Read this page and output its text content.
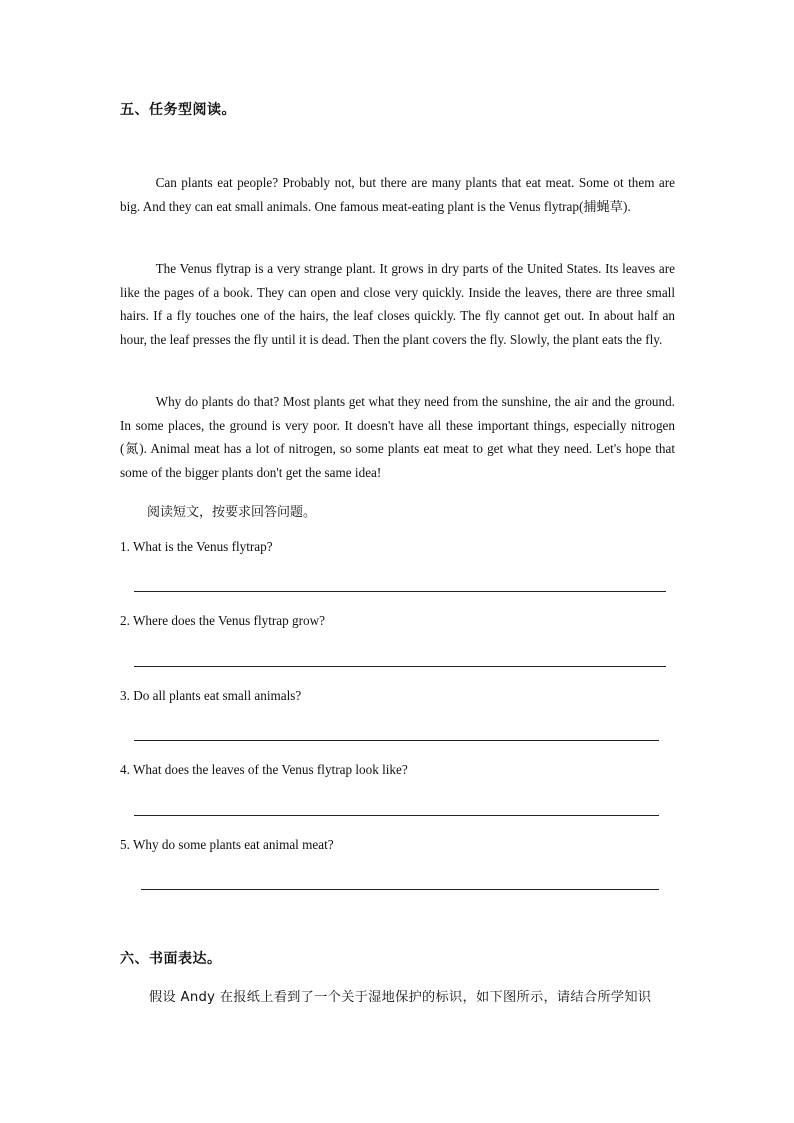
五、任务型阅读。
Can plants eat people? Probably not, but there are many plants that eat meat. Some ot them are big. And they can eat small animals. One famous meat-eating plant is the Venus flytrap(捕蝇草).
The Venus flytrap is a very strange plant. It grows in dry parts of the United States. Its leaves are like the pages of a book. They can open and close very quickly. Inside the leaves, there are three small hairs. If a fly touches one of the hairs, the leaf closes quickly. The fly cannot get out. In about half an hour, the leaf presses the fly until it is dead. Then the plant covers the fly. Slowly, the plant eats the fly.
Why do plants do that? Most plants get what they need from the sunshine, the air and the ground. In some places, the ground is very poor. It doesn't have all these important things, especially nitrogen (氮). Animal meat has a lot of nitrogen, so some plants eat meat to get what they need. Let's hope that some of the bigger plants don't get the same idea!
阅读短文，按要求回答问题。
1. What is the Venus flytrap?
2. Where does the Venus flytrap grow?
3. Do all plants eat small animals?
4. What does the leaves of the Venus flytrap look like?
5. Why do some plants eat animal meat?
六、书面表达。
假设 Andy 在报纸上看到了一个关于湿地保护的标识，如下图所示，请结合所学知识
